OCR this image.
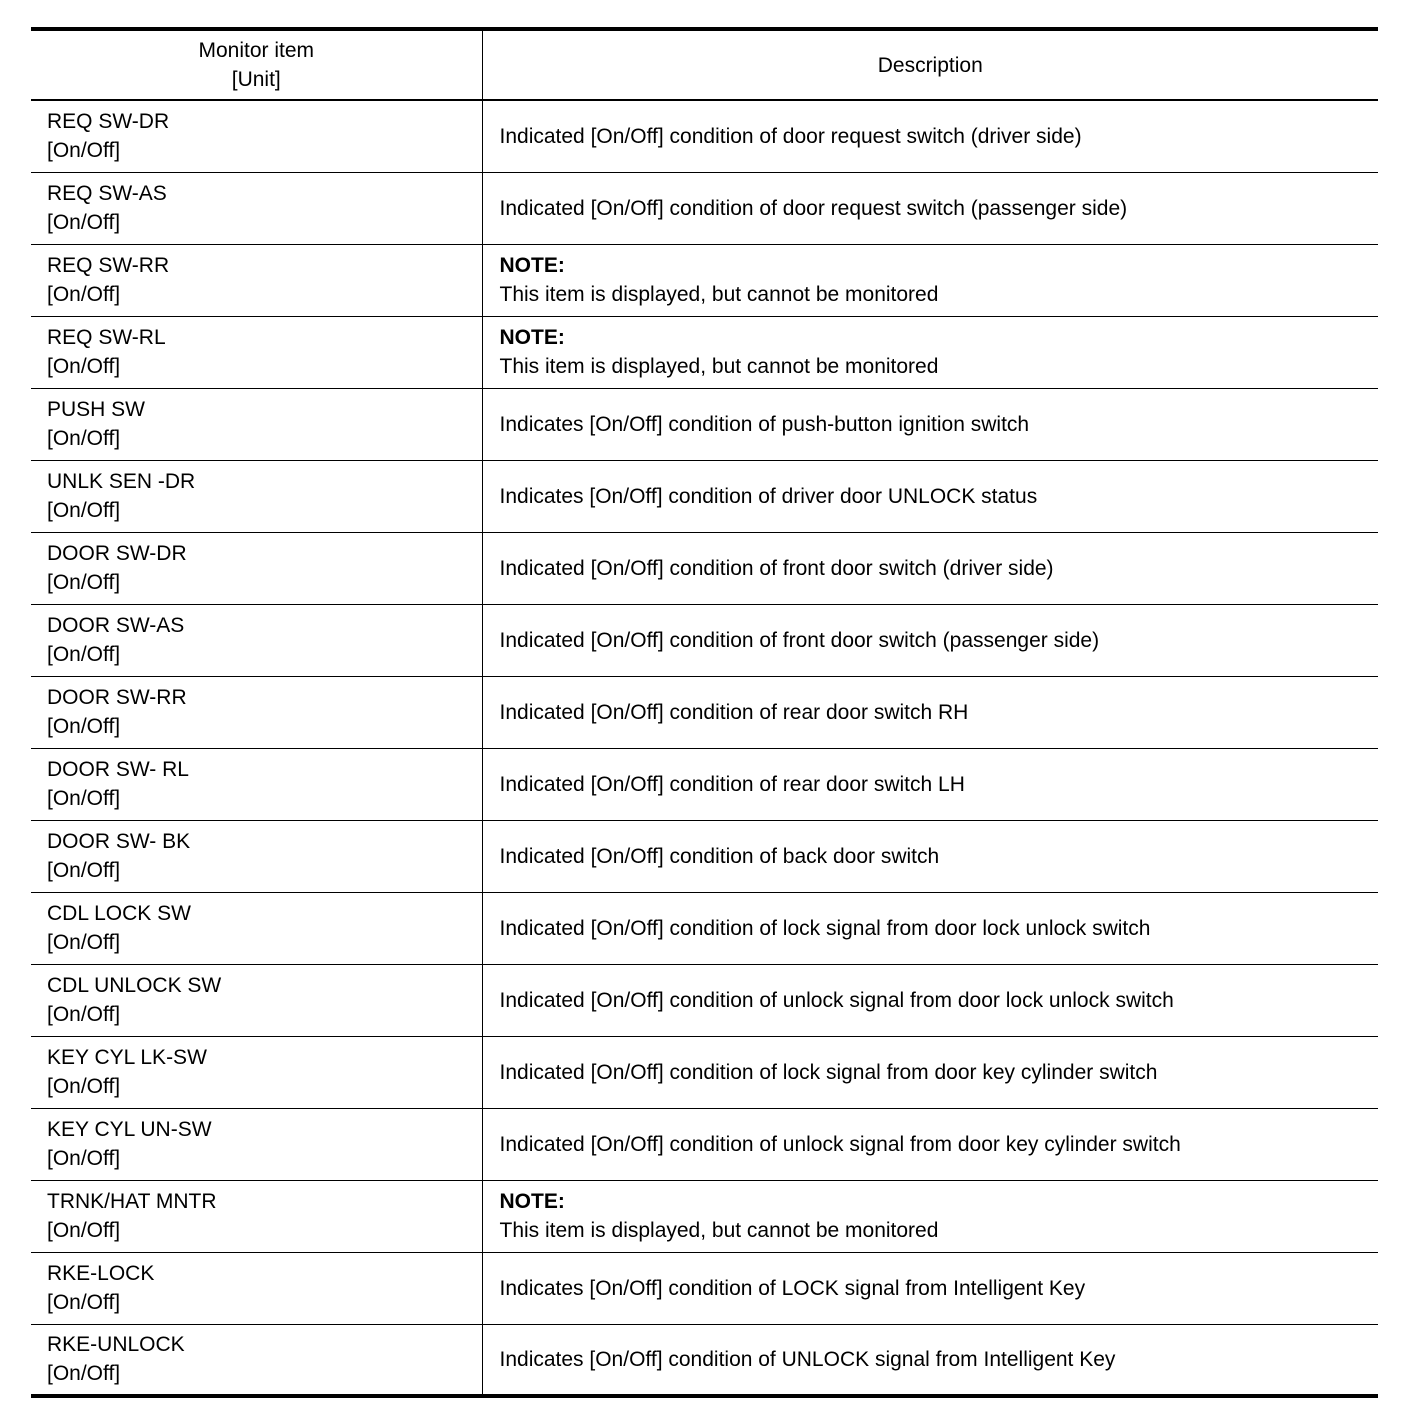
Monitor item
[Unit]	Description

REQ SW-DR
[On/Off]	Indicated [On/Off] condition of door request switch (driver side)

REQ SW-AS
[On/Off]	Indicated [On/Off] condition of door request switch (passenger side)

REQ SW-RR
[On/Off]	NOTE:
This item is displayed, but cannot be monitored

REQ SW-RL
[On/Off]	NOTE:
This item is displayed, but cannot be monitored

PUSH SW
[On/Off]	Indicates [On/Off] condition of push-button ignition switch

UNLK SEN -DR
[On/Off]	Indicates [On/Off] condition of driver door UNLOCK status

DOOR SW-DR
[On/Off]	Indicated [On/Off] condition of front door switch (driver side)

DOOR SW-AS
[On/Off]	Indicated [On/Off] condition of front door switch (passenger side)

DOOR SW-RR
[On/Off]	Indicated [On/Off] condition of rear door switch RH

DOOR SW- RL
[On/Off]	Indicated [On/Off] condition of rear door switch LH

DOOR SW- BK
[On/Off]	Indicated [On/Off] condition of back door switch

CDL LOCK SW
[On/Off]	Indicated [On/Off] condition of lock signal from door lock unlock switch

CDL UNLOCK SW
[On/Off]	Indicated [On/Off] condition of unlock signal from door lock unlock switch

KEY CYL LK-SW
[On/Off]	Indicated [On/Off] condition of lock signal from door key cylinder switch

KEY CYL UN-SW
[On/Off]	Indicated [On/Off] condition of unlock signal from door key cylinder switch

TRNK/HAT MNTR
[On/Off]	NOTE:
This item is displayed, but cannot be monitored

RKE-LOCK
[On/Off]	Indicates [On/Off] condition of LOCK signal from Intelligent Key

RKE-UNLOCK
[On/Off]	Indicates [On/Off] condition of UNLOCK signal from Intelligent Key
